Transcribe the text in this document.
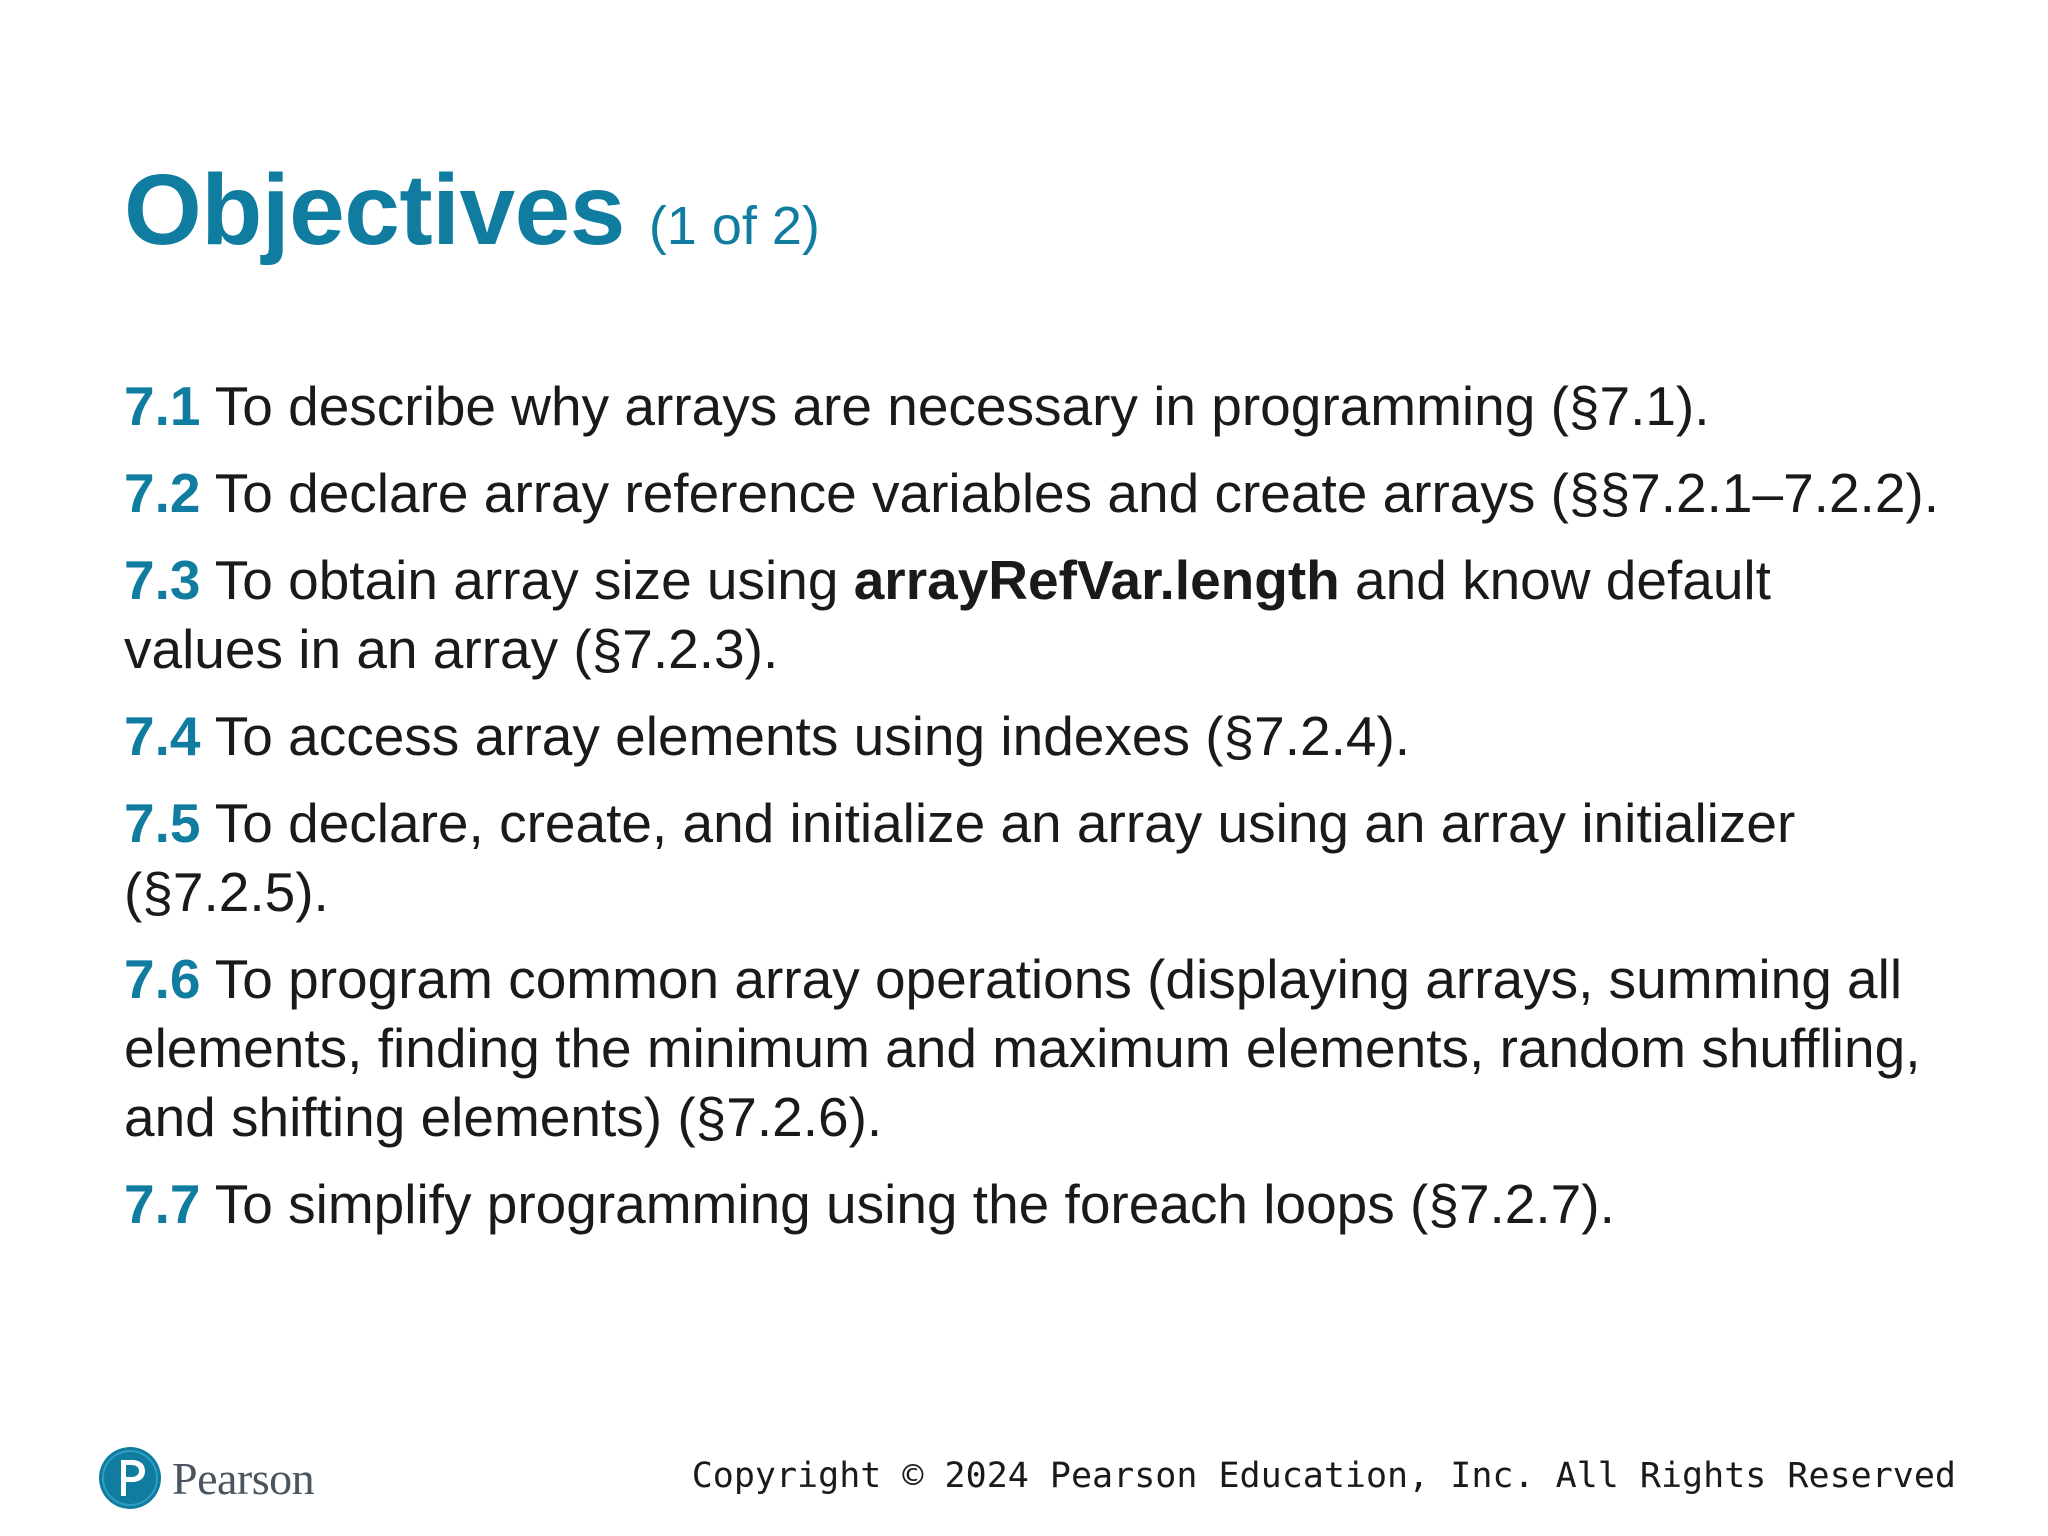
Objectives (1 of 2)
7.1 To describe why arrays are necessary in programming (§7.1).
7.2 To declare array reference variables and create arrays (§§7.2.1–7.2.2).
7.3 To obtain array size using arrayRefVar.length and know default values in an array (§7.2.3).
7.4 To access array elements using indexes (§7.2.4).
7.5 To declare, create, and initialize an array using an array initializer (§7.2.5).
7.6 To program common array operations (displaying arrays, summing all elements, finding the minimum and maximum elements, random shuffling, and shifting elements) (§7.2.6).
7.7 To simplify programming using the foreach loops (§7.2.7).
Pearson	Copyright © 2024 Pearson Education, Inc. All Rights Reserved
